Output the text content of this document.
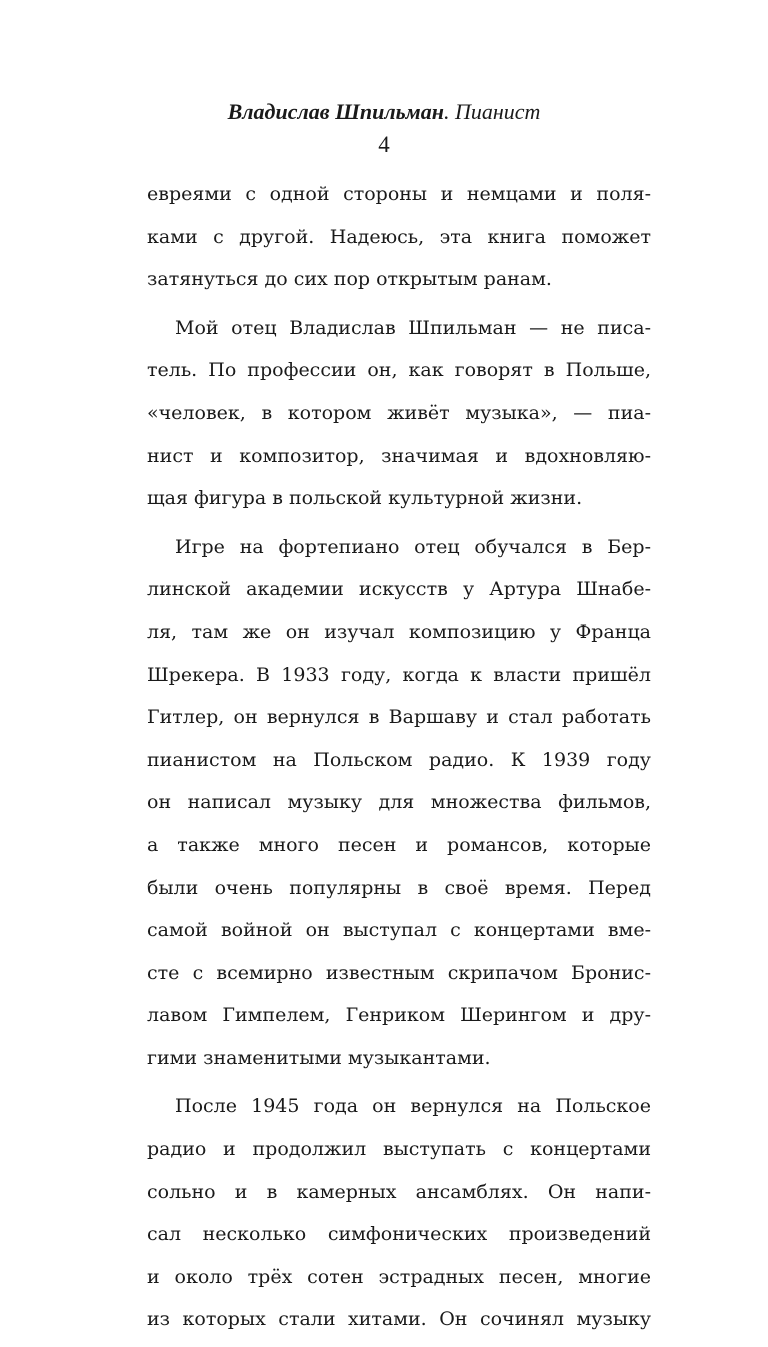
Владислав Шпильман. Пианист
4
евреями с одной стороны и немцами и поля-
ками с другой. Надеюсь, эта книга поможет
затянуться до сих пор открытым ранам.
Мой отец Владислав Шпильман — не писа-
тель. По профессии он, как говорят в Польше,
«человек, в котором живёт музыка», — пиа-
нист и композитор, значимая и вдохновляю-
щая фигура в польской культурной жизни.
Игре на фортепиано отец обучался в Бер-
линской академии искусств у Артура Шнабе-
ля, там же он изучал композицию у Франца
Шрекера. В 1933 году, когда к власти пришёл
Гитлер, он вернулся в Варшаву и стал работать
пианистом на Польском радио. К 1939 году
он написал музыку для множества фильмов,
а также много песен и романсов, которые
были очень популярны в своё время. Перед
самой войной он выступал с концертами вме-
сте с всемирно известным скрипачом Бронис-
лавом Гимпелем, Генриком Шерингом и дру-
гими знаменитыми музыкантами.
После 1945 года он вернулся на Польское
радио и продолжил выступать с концертами
сольно и в камерных ансамблях. Он напи-
сал несколько симфонических произведений
и около трёх сотен эстрадных песен, многие
из которых стали хитами. Он сочинял музыку
